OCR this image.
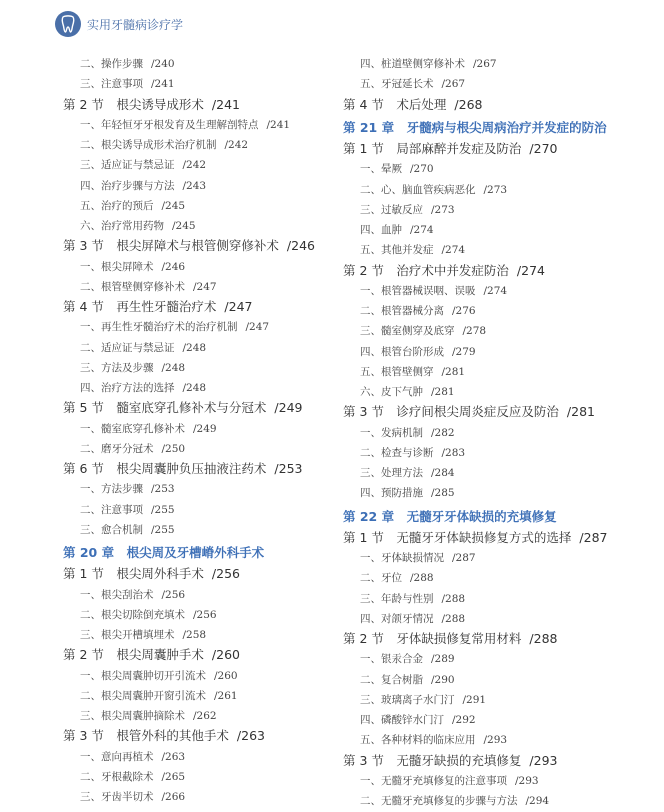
实用牙髓病诊疗学
二、操作步骤 /240
三、注意事项 /241
第 2 节　根尖诱导成形术 /241
一、年轻恒牙牙根发育及生理解剖特点 /241
二、根尖诱导成形术治疗机制 /242
三、适应证与禁忌证 /242
四、治疗步骤与方法 /243
五、治疗的预后 /245
六、治疗常用药物 /245
第 3 节　根尖屏障术与根管侧穿修补术 /246
一、根尖屏障术 /246
二、根管壁侧穿修补术 /247
第 4 节　再生性牙髓治疗术 /247
一、再生性牙髓治疗术的治疗机制 /247
二、适应证与禁忌证 /248
三、方法及步骤 /248
四、治疗方法的选择 /248
第 5 节　髓室底穿孔修补术与分冠术 /249
一、髓室底穿孔修补术 /249
二、磨牙分冠术 /250
第 6 节　根尖周囊肿负压抽液注药术 /253
一、方法步骤 /253
二、注意事项 /255
三、愈合机制 /255
第 20 章　根尖周及牙槽嵴外科手术
第 1 节　根尖周外科手术 /256
一、根尖刮治术 /256
二、根尖切除倒充填术 /256
三、根尖开槽填埋术 /258
第 2 节　根尖周囊肿手术 /260
一、根尖周囊肿切开引流术 /260
二、根尖周囊肿开窗引流术 /261
三、根尖周囊肿摘除术 /262
第 3 节　根管外科的其他手术 /263
一、意向再植术 /263
二、牙根截除术 /265
三、牙齿半切术 /266
四、桩道壁侧穿修补术 /267
五、牙冠延长术 /267
第 4 节　术后处理 /268
第 21 章　牙髓病与根尖周病治疗并发症的防治
第 1 节　局部麻醉并发症及防治 /270
一、晕厥 /270
二、心、脑血管疾病恶化 /273
三、过敏反应 /273
四、血肿 /274
五、其他并发症 /274
第 2 节　治疗术中并发症防治 /274
一、根管器械误咽、误吸 /274
二、根管器械分离 /276
三、髓室侧穿及底穿 /278
四、根管台阶形成 /279
五、根管壁侧穿 /281
六、皮下气肿 /281
第 3 节　诊疗间根尖周炎症反应及防治 /281
一、发病机制 /282
二、检查与诊断 /283
三、处理方法 /284
四、预防措施 /285
第 22 章　无髓牙牙体缺损的充填修复
第 1 节　无髓牙牙体缺损修复方式的选择 /287
一、牙体缺损情况 /287
二、牙位 /288
三、年龄与性别 /288
四、对颌牙情况 /288
第 2 节　牙体缺损修复常用材料 /288
一、银汞合金 /289
二、复合树脂 /290
三、玻璃离子水门汀 /291
四、磷酸锌水门汀 /292
五、各种材料的临床应用 /293
第 3 节　无髓牙缺损的充填修复 /293
一、无髓牙充填修复的注意事项 /293
二、无髓牙充填修复的步骤与方法 /294
